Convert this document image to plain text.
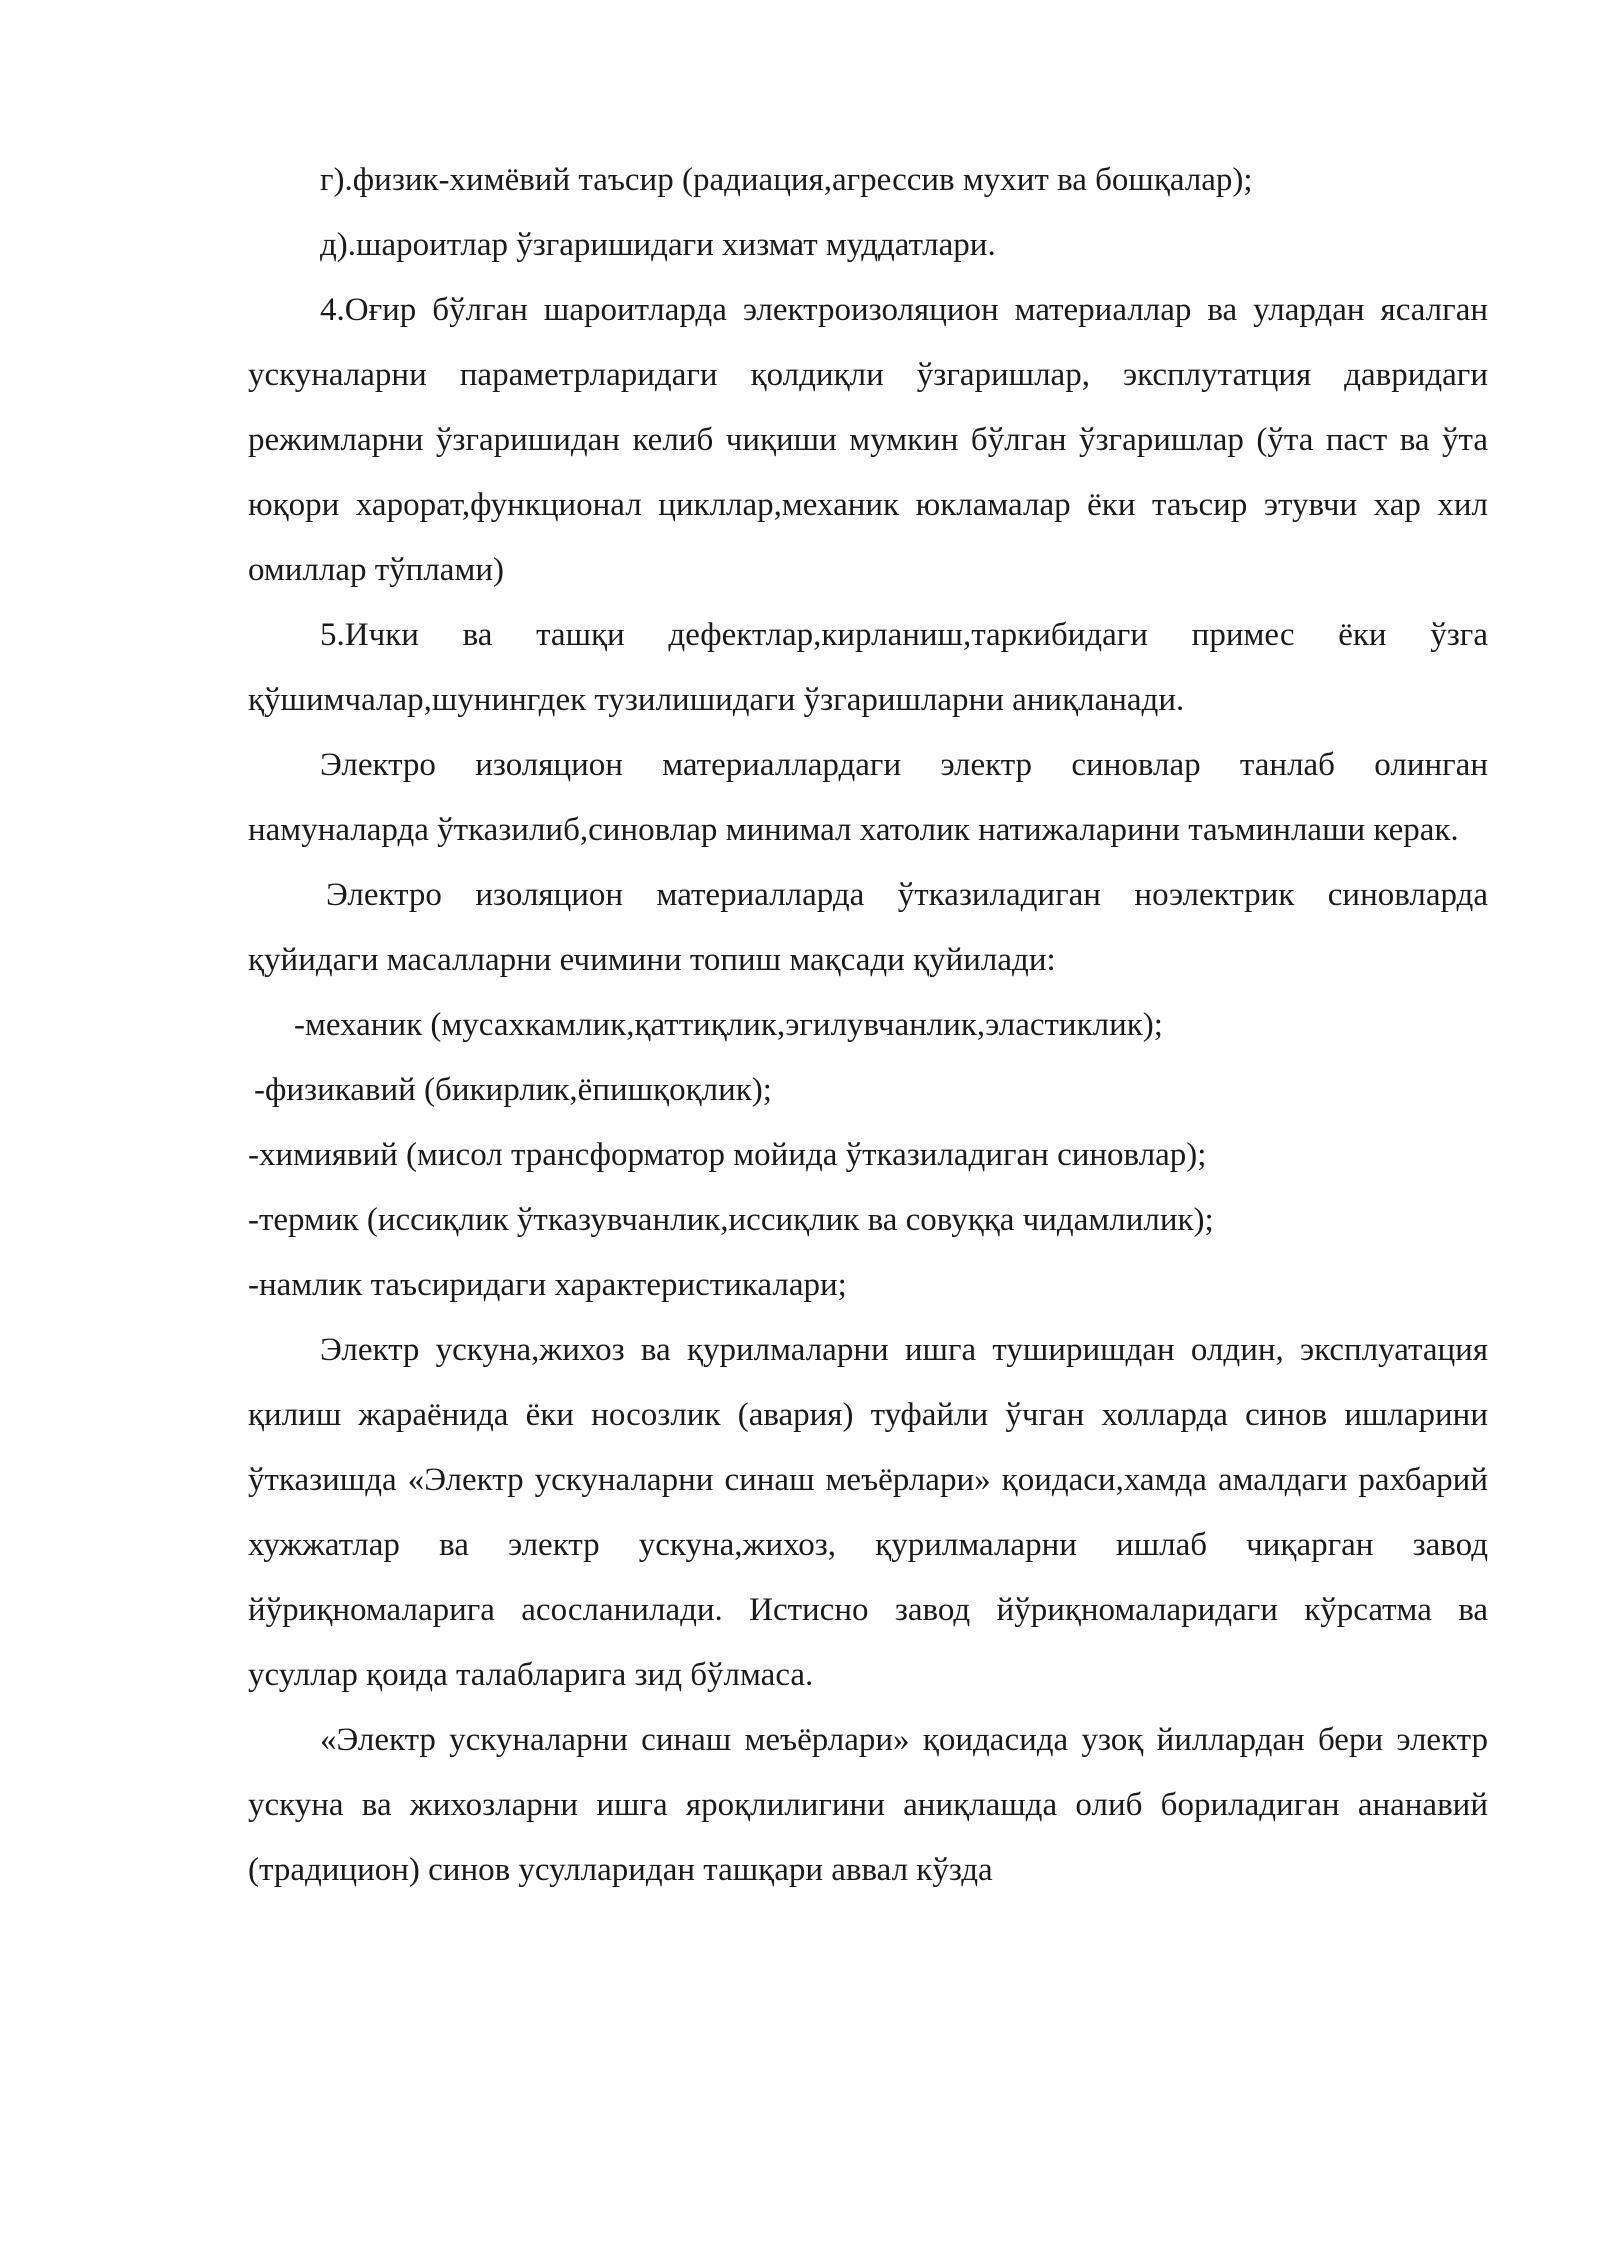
г).физик-химёвий таъсир (радиация,агрессив мухит ва бошқалар);

д).шароитлар ўзгаришидаги хизмат муддатлари.

4.Оғир бўлган шароитларда электроизоляцион материаллар ва улардан ясалган ускуналарни параметрларидаги қолдиқли ўзгаришлар, эксплутатция давридаги режимларни ўзгаришидан келиб чиқиши мумкин бўлган ўзгаришлар (ўта паст ва ўта юқори харорат,функционал цикллар,механик юкламалар ёки таъсир этувчи хар хил омиллар тўплами)

5.Ички ва ташқи дефектлар,кирланиш,таркибидаги примес ёки ўзга қўшимчалар,шунингдек тузилишидаги ўзгаришларни аниқланади.

Электро изоляцион материаллардаги электр синовлар танлаб олинган намуналарда ўтказилиб,синовлар минимал хатолик натижаларини таъминлаши керак.

Электро изоляцион материалларда ўтказиладиган ноэлектрик синовларда қуйидаги масалларни ечимини топиш мақсади қуйилади:

-механик (мусахкамлик,қаттиқлик,эгилувчанлик,эластиклик);

-физикавий (бикирлик,ёпишқоқлик);

-химиявий (мисол трансформатор мойида ўтказиладиган синовлар);

-термик (иссиқлик ўтказувчанлик,иссиқлик ва совуққа чидамлилик);

-намлик таъсиридаги характеристикалари;

Электр ускуна,жихоз ва қурилмаларни ишга туширишдан олдин, эксплуатация қилиш жараёнида ёки носозлик (авария) туфайли ўчган холларда синов ишларини ўтказишда «Электр ускуналарни синаш меъёрлари» қоидаси,хамда амалдаги рахбарий хужжатлар ва электр ускуна,жихоз, қурилмаларни ишлаб чиқарган завод йўриқномаларига асосланилади. Истисно завод йўриқномаларидаги кўрсатма ва усуллар қоида талабларига зид бўлмаса.

«Электр ускуналарни синаш меъёрлари» қоидасида узоқ йиллардан бери электр ускуна ва жихозларни ишга яроқлилигини аниқлашда олиб бориладиган ананавий (традицион) синов усулларидан ташқари аввал кўзда
